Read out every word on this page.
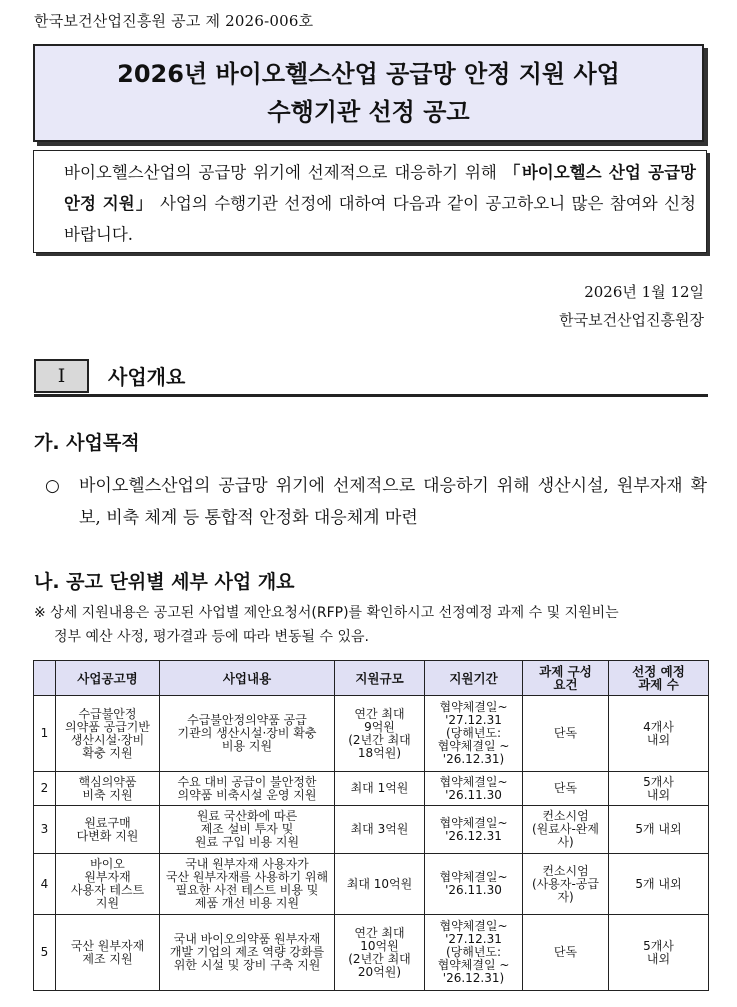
한국보건산업진흥원 공고 제 2026-006호
2026년 바이오헬스산업 공급망 안정 지원 사업
수행기관 선정 공고

바이오헬스산업의 공급망 위기에 선제적으로 대응하기 위해 「바이오헬스 산업 공급망 안정 지원」 사업의 수행기관 선정에 대하여 다음과 같이 공고하오니 많은 참여와 신청 바랍니다.

2026년 1월 12일
한국보건산업진흥원장
Ⅰ	사업개요
가. 사업목적
○	바이오헬스산업의 공급망 위기에 선제적으로 대응하기 위해 생산시설, 원부자재 확보, 비축 체계 등 통합적 안정화 대응체계 마련
나. 공고 단위별 세부 사업 개요
※ 상세 지원내용은 공고된 사업별 제안요청서(RFP)를 확인하시고 선정예정 과제 수 및 지원비는
정부 예산 사정, 평가결과 등에 따라 변동될 수 있음.
	사업공고명	사업내용	지원규모	지원기간	과제 구성
요건	선정 예정
과제 수
1	수급불안정
의약품 공급기반
생산시설·장비
확충 지원	수급불안정의약품 공급
기관의 생산시설·장비 확충
비용 지원	연간 최대
9억원
(2년간 최대
18억원)	협약체결일~
'27.12.31
(당해년도:
협약체결일 ~
'26.12.31)	단독	4개사
내외
2	핵심의약품
비축 지원	수요 대비 공급이 불안정한
의약품 비축시설 운영 지원	최대 1억원	협약체결일~
'26.11.30	단독	5개사
내외
3	원료구매
다변화 지원	원료 국산화에 따른
제조 설비 투자 및
원료 구입 비용 지원	최대 3억원	협약체결일~
'26.12.31	컨소시엄
(원료사-완제
사)	5개 내외
4	바이오
원부자재
사용자 테스트
지원	국내 원부자재 사용자가
국산 원부자재를 사용하기 위해
필요한 사전 테스트 비용 및
제품 개선 비용 지원	최대 10억원	협약체결일~
'26.11.30	컨소시엄
(사용자-공급
자)	5개 내외
5	국산 원부자재
제조 지원	국내 바이오의약품 원부자재
개발 기업의 제조 역량 강화를
위한 시설 및 장비 구축 지원	연간 최대
10억원
(2년간 최대
20억원)	협약체결일~
'27.12.31
(당해년도:
협약체결일 ~
'26.12.31)	단독	5개사
내외
